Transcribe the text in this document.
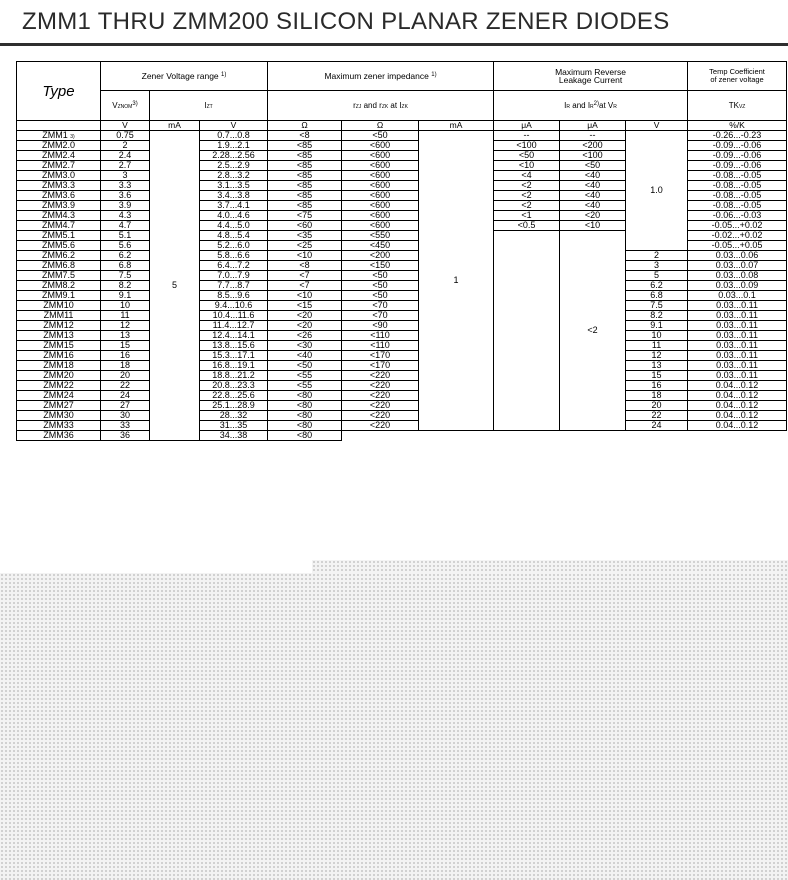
ZMM1 THRU ZMM200 SILICON PLANAR ZENER DIODES
Type	Zener Voltage range $^{1)}$			Maximum zener impedance $^{1)}$			Maximum Reverse
Leakage Current			Temp Coefficient
of zener voltage
	VZNOM$^{3)}$	IZT		rZJ and rZK at IZK			IR and IR$^{2)}$at VR			TKVZ
	V	mA	V	Ω	Ω	mA	μA	μA	V	%/K
ZMM1 3)	0.75	5	0.7...0.8	<8	<50	1	--	--	1.0	-0.26...-0.23
ZMM2.0	2		1.9...2.1	<85	<600		<100	<200		-0.09...-0.06
ZMM2.4	2.4		2.28...2.56	<85	<600		<50	<100		-0.09...-0.06
ZMM2.7	2.7		2.5...2.9	<85	<600		<10	<50		-0.09...-0.06
ZMM3.0	3		2.8...3.2	<85	<600		<4	<40		-0.08...-0.05
ZMM3.3	3.3		3.1...3.5	<85	<600		<2	<40		-0.08...-0.05
ZMM3.6	3.6		3.4...3.8	<85	<600		<2	<40		-0.08...-0.05
ZMM3.9	3.9		3.7...4.1	<85	<600		<2	<40		-0.08...-0.05
ZMM4.3	4.3		4.0...4.6	<75	<600		<1	<20		-0.06...-0.03
ZMM4.7	4.7		4.4...5.0	<60	<600		<0.5	<10		-0.05...+0.02
ZMM5.1	5.1		4.8...5.4	<35	<550			<2		-0.02...+0.02
ZMM5.6	5.6		5.2...6.0	<25	<450					-0.05...+0.05
ZMM6.2	6.2		5.8...6.6	<10	<200				2	0.03...0.06
ZMM6.8	6.8		6.4...7.2	<8	<150				3	0.03...0.07
ZMM7.5	7.5		7.0...7.9	<7	<50				5	0.03...0.08
ZMM8.2	8.2		7.7...8.7	<7	<50				6.2	0.03...0.09
ZMM9.1	9.1		8.5...9.6	<10	<50				6.8	0.03...0.1
ZMM10	10		9.4...10.6	<15	<70				7.5	0.03...0.11
ZMM11	11		10.4...11.6	<20	<70				8.2	0.03...0.11
ZMM12	12		11.4...12.7	<20	<90				9.1	0.03...0.11
ZMM13	13		12.4...14.1	<26	<110				10	0.03...0.11
ZMM15	15		13.8...15.6	<30	<110				11	0.03...0.11
ZMM16	16		15.3...17.1	<40	<170				12	0.03...0.11
ZMM18	18		16.8...19.1	<50	<170				13	0.03...0.11
ZMM20	20		18.8...21.2	<55	<220				15	0.03...0.11
ZMM22	22		20.8...23.3	<55	<220				16	0.04...0.12
ZMM24	24		22.8...25.6	<80	<220				18	0.04...0.12
ZMM27	27		25.1...28.9	<80	<220				20	0.04...0.12
ZMM30	30		28...32	<80	<220				22	0.04...0.12
ZMM33	33		31...35	<80	<220				24	0.04...0.12
ZMM36	36		34...38	<80						
